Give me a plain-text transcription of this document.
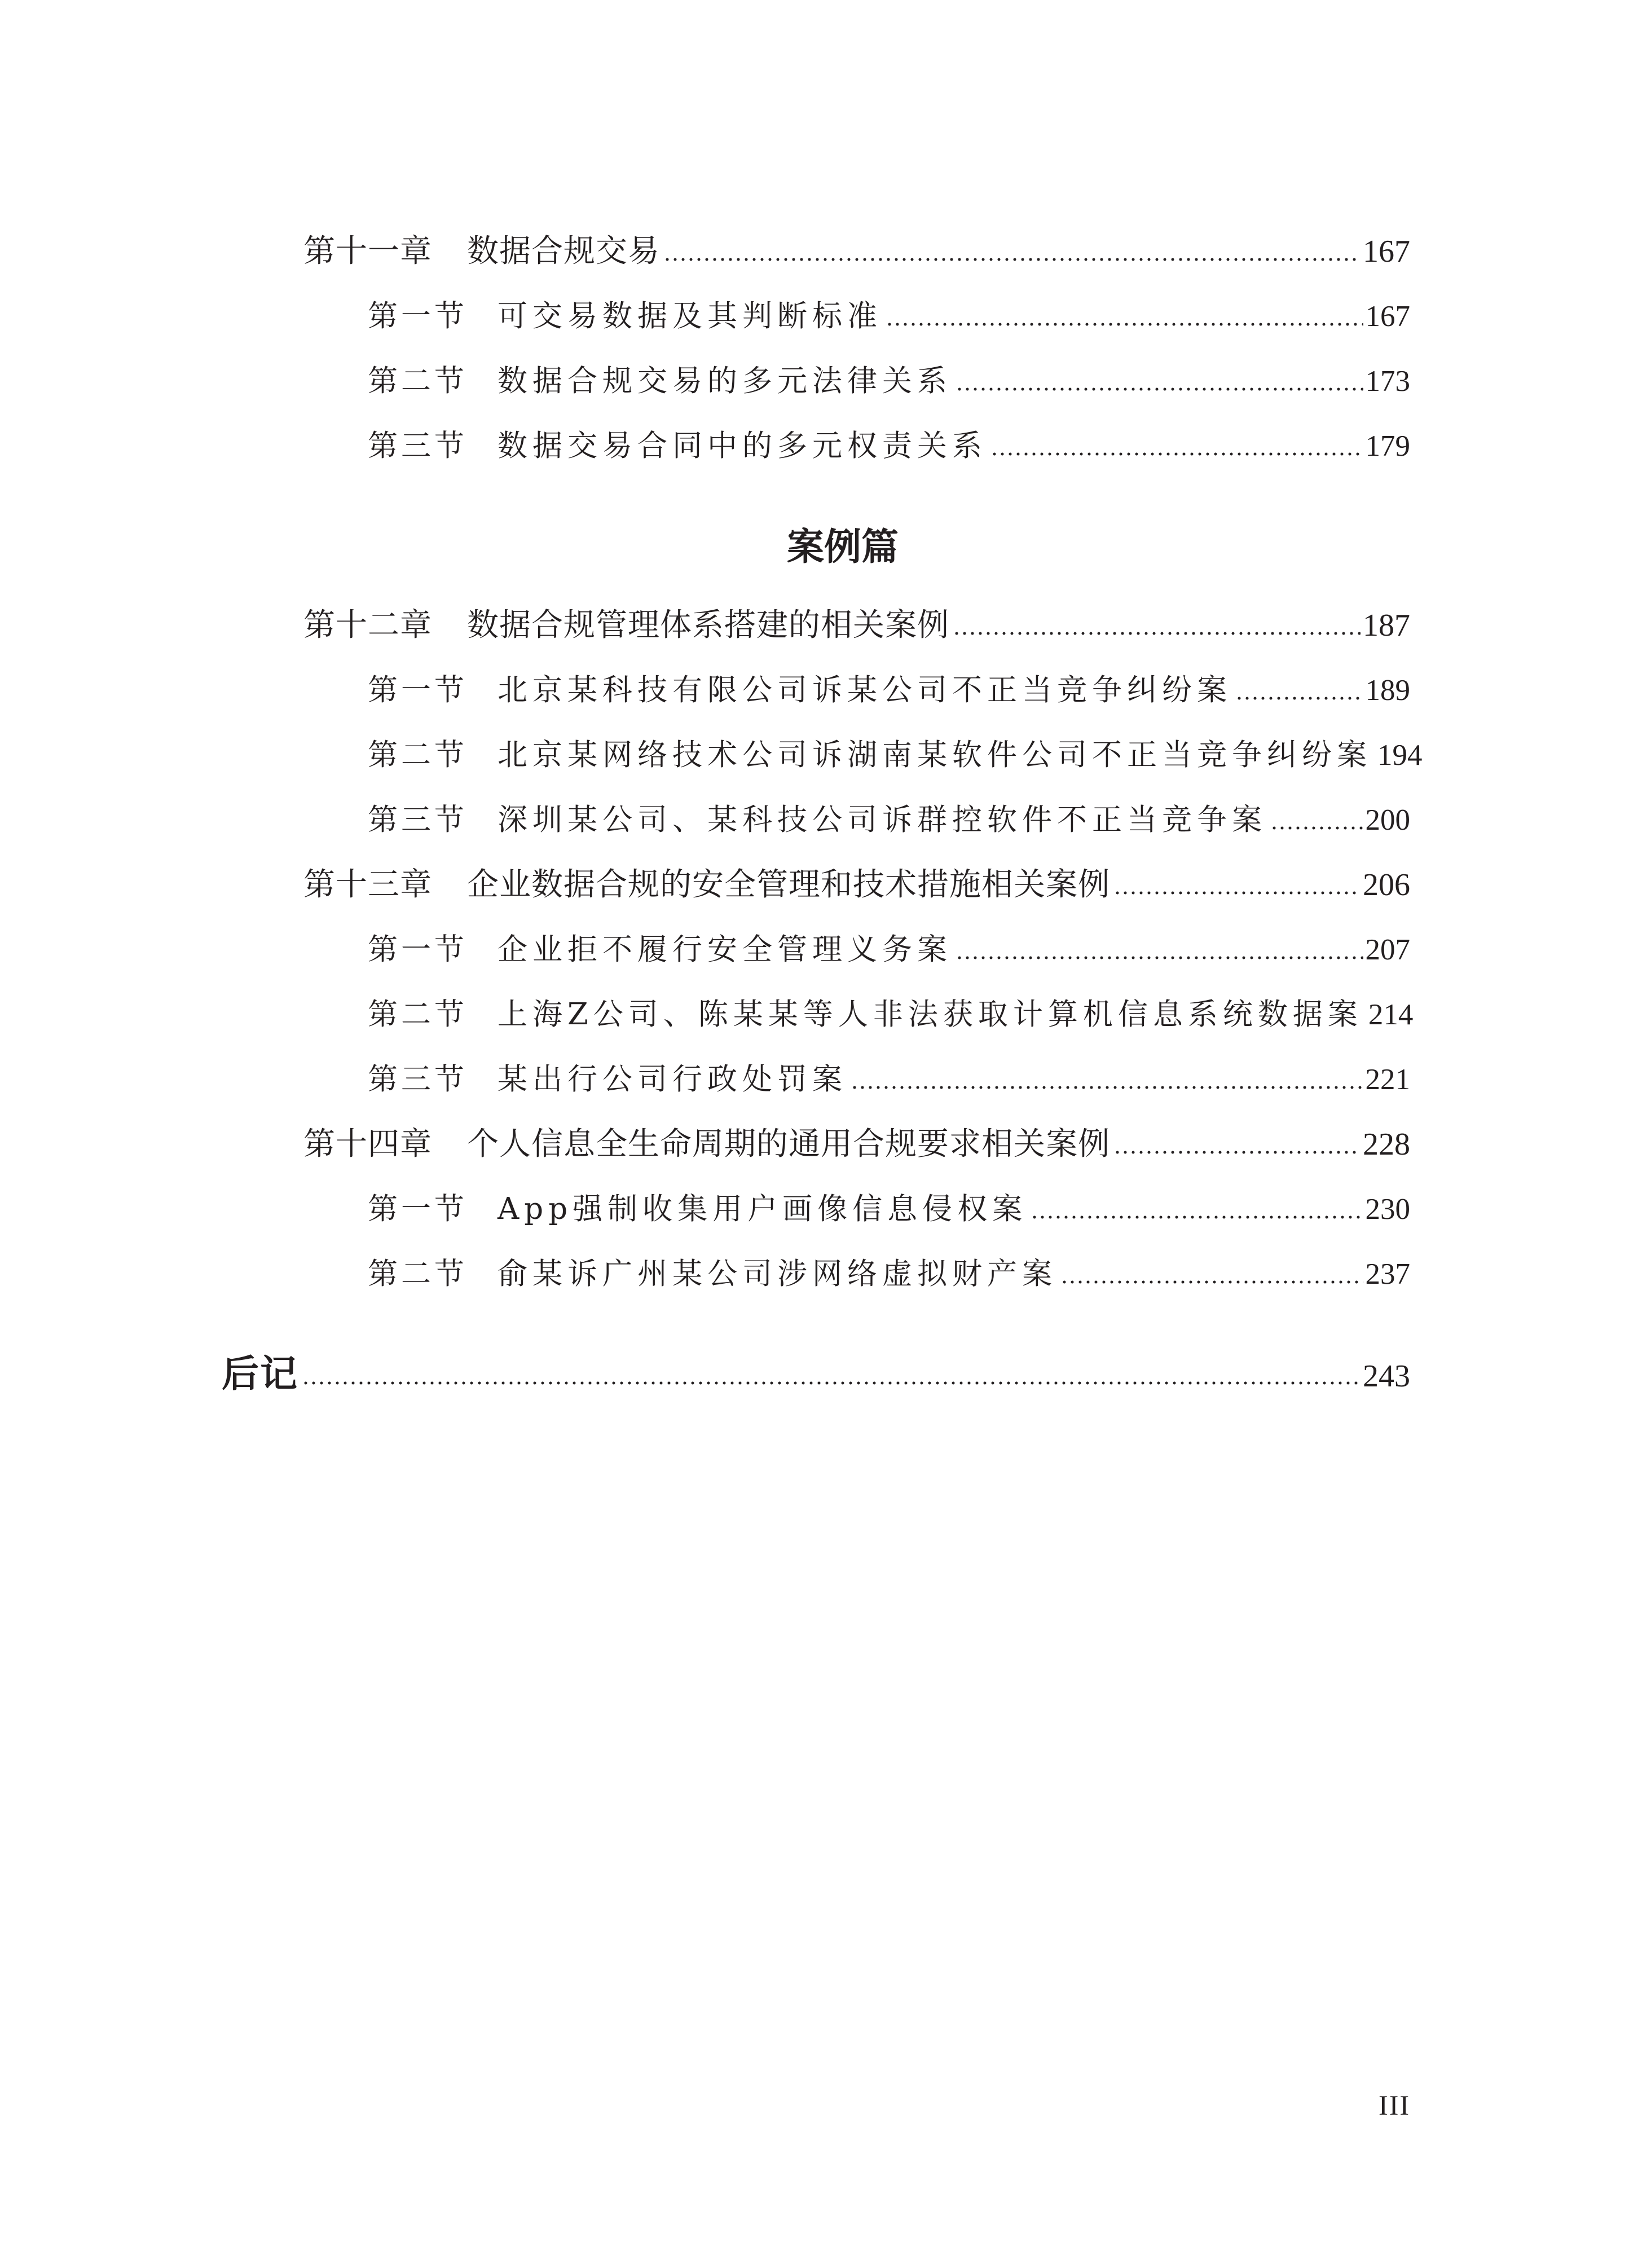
第十一章	数据合规交易	167
第一节	可交易数据及其判断标准	167
第二节	数据合规交易的多元法律关系	173
第三节	数据交易合同中的多元权责关系	179
案例篇
第十二章	数据合规管理体系搭建的相关案例	187
第一节	北京某科技有限公司诉某公司不正当竞争纠纷案	189
第二节	北京某网络技术公司诉湖南某软件公司不正当竞争纠纷案 194
第三节	深圳某公司、某科技公司诉群控软件不正当竞争案	200
第十三章	企业数据合规的安全管理和技术措施相关案例	206
第一节	企业拒不履行安全管理义务案	207
第二节	上海Z公司、陈某某等人非法获取计算机信息系统数据案 214
第三节	某出行公司行政处罚案	221
第十四章	个人信息全生命周期的通用合规要求相关案例	228
第一节	App强制收集用户画像信息侵权案	230
第二节	俞某诉广州某公司涉网络虚拟财产案	237
后记	243
III
